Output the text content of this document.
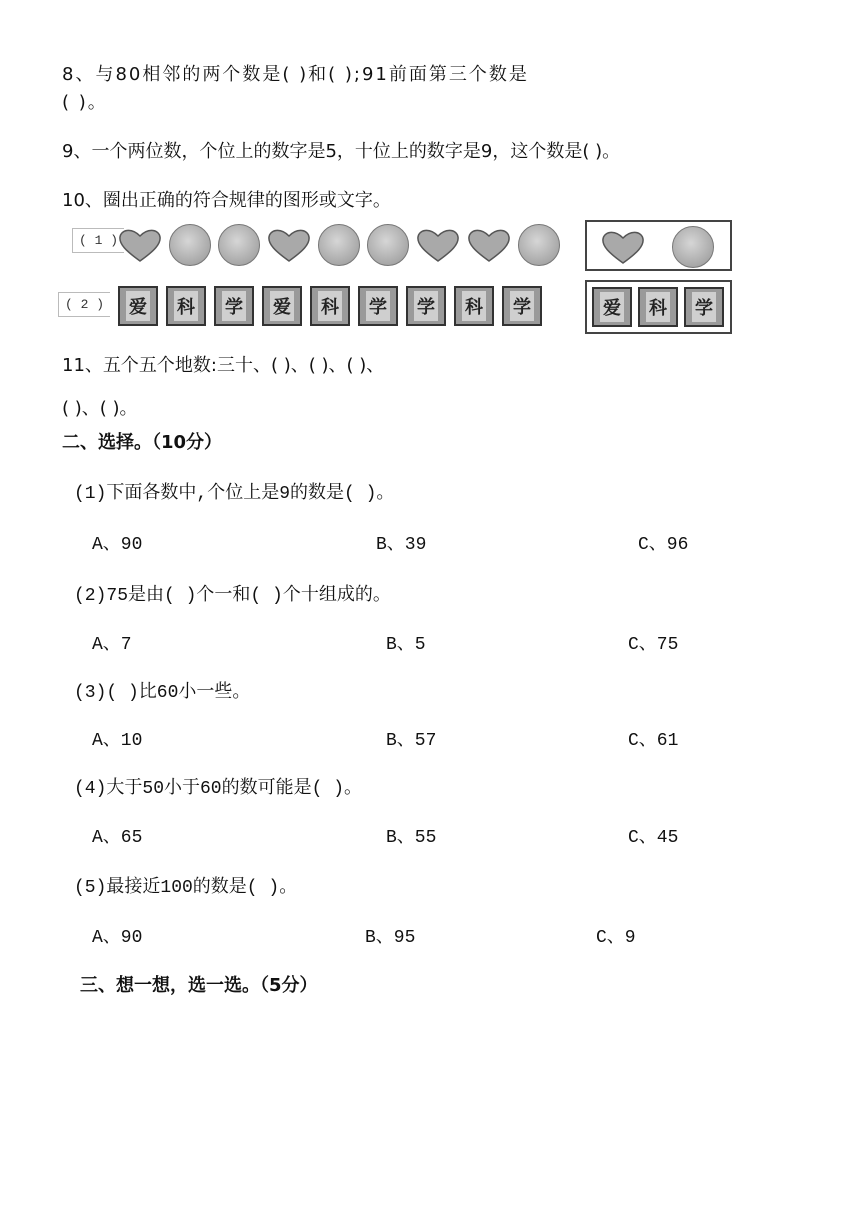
8、与80相邻的两个数是( )和( );91前面第三个数是
( )。
9、一个两位数，个位上的数字是5，十位上的数字是9，这个数是( )。
10、圈出正确的符合规律的图形或文字。
( 1 )
( 2 )	爱 科 学 爱 科 学 学 科 学	爱 科 学
11、五个五个地数:三十、( )、( )、( )、
( )、( )。
二、选择。（10分）
(1)下面各数中,个位上是9的数是( )。
A、90	B、39	C、96
(2)75是由( )个一和( )个十组成的。
A、7	B、5	C、75
(3)( )比60小一些。
A、10	B、57	C、61
(4)大于50小于60的数可能是( )。
A、65	B、55	C、45
(5)最接近100的数是( )。
A、90	B、95	C、9
三、想一想，选一选。（5分）
